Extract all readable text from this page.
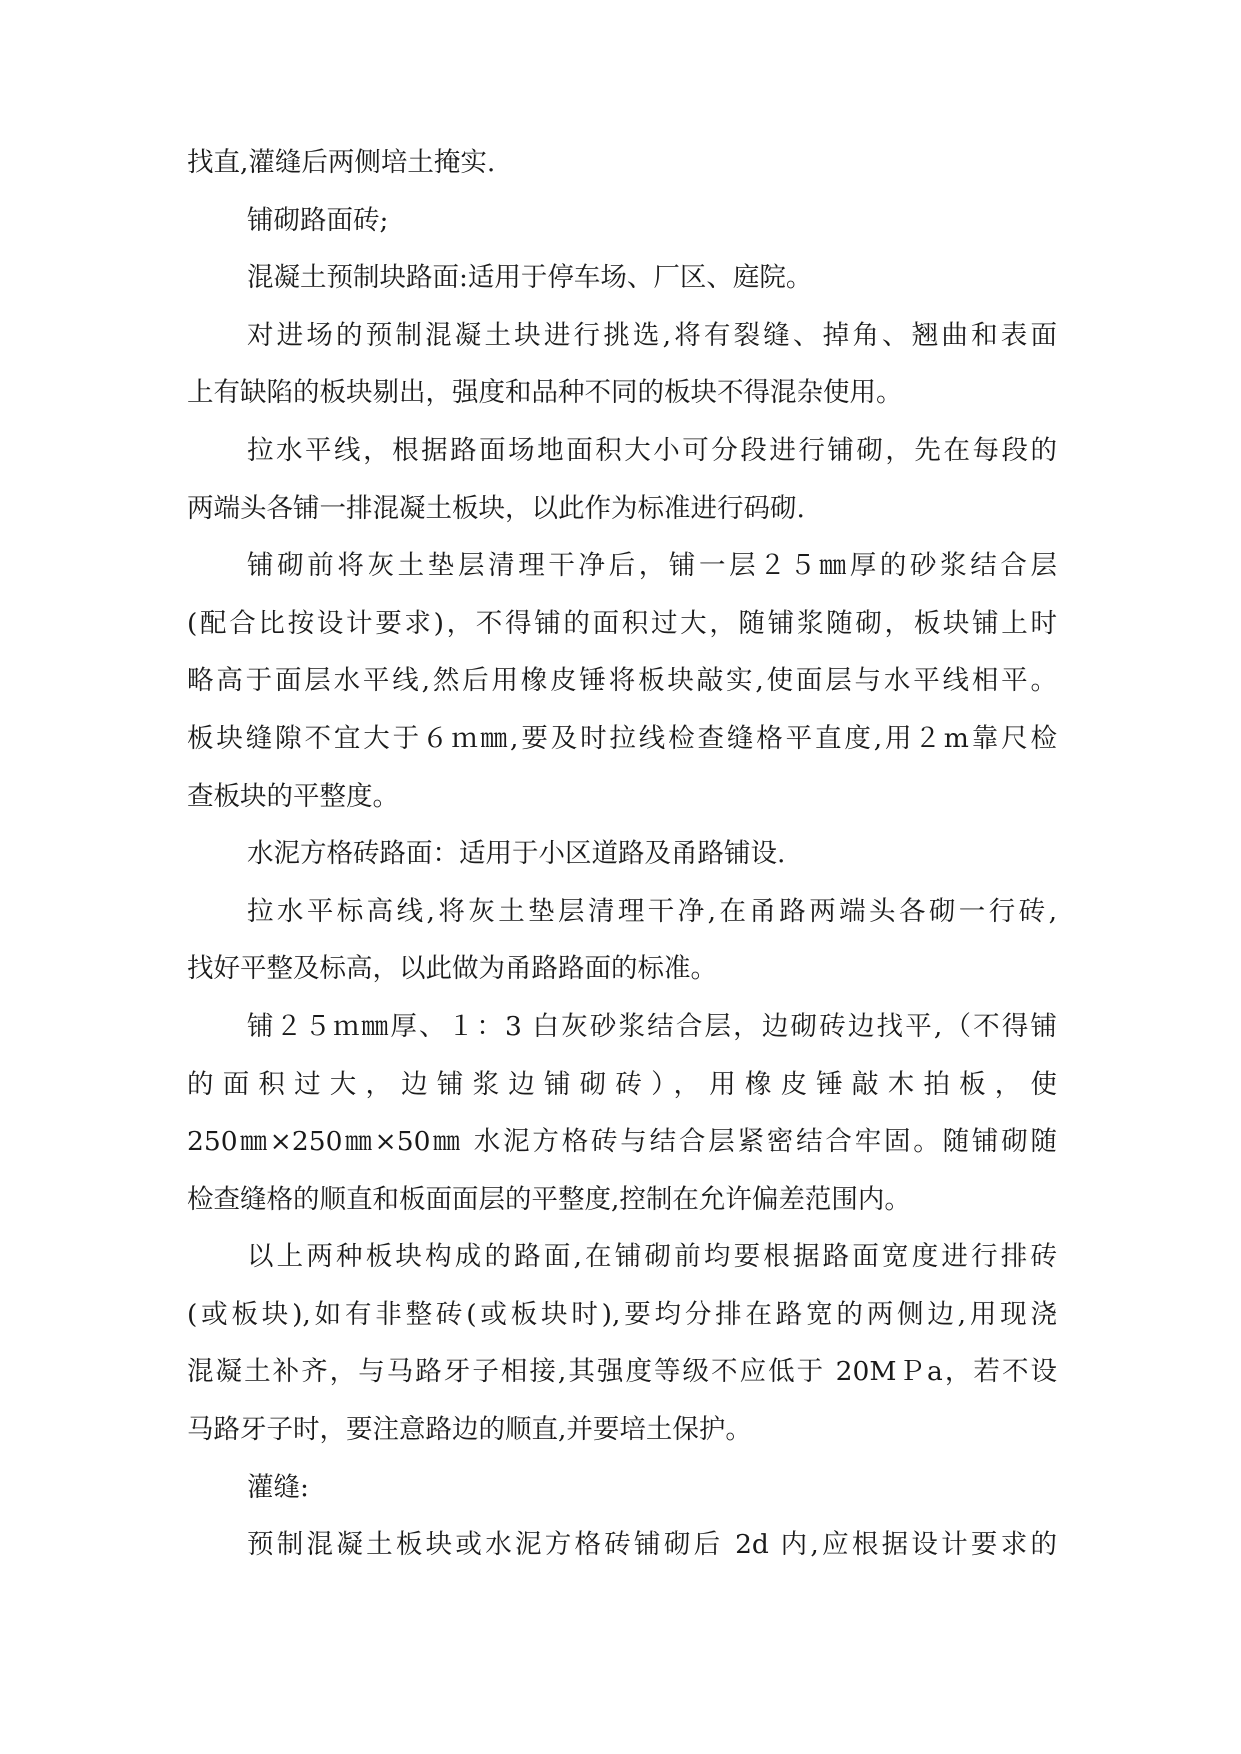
找直,灌缝后两侧培土掩实.

铺砌路面砖;

混凝土预制块路面:适用于停车场、厂区、庭院。

对进场的预制混凝土块进行挑选,将有裂缝、掉角、翘曲和表面

上有缺陷的板块剔出，强度和品种不同的板块不得混杂使用。

拉水平线，根据路面场地面积大小可分段进行铺砌，先在每段的

两端头各铺一排混凝土板块，以此作为标准进行码砌.

铺砌前将灰土垫层清理干净后，铺一层２５㎜厚的砂浆结合层

(配合比按设计要求)，不得铺的面积过大，随铺浆随砌，板块铺上时

略高于面层水平线,然后用橡皮锤将板块敲实,使面层与水平线相平。

板块缝隙不宜大于６ｍ㎜,要及时拉线检查缝格平直度,用２m靠尺检

查板块的平整度。

水泥方格砖路面：适用于小区道路及甬路铺设.

拉水平标高线,将灰土垫层清理干净,在甬路两端头各砌一行砖,

找好平整及标高，以此做为甬路路面的标准。

铺２５ｍ㎜厚、１：3 白灰砂浆结合层，边砌砖边找平,（不得铺

的面积过大，边铺浆边铺砌砖），用橡皮锤敲木拍板，使

250㎜×250㎜×50㎜ 水泥方格砖与结合层紧密结合牢固。随铺砌随

检查缝格的顺直和板面面层的平整度,控制在允许偏差范围内。

以上两种板块构成的路面,在铺砌前均要根据路面宽度进行排砖

(或板块),如有非整砖(或板块时),要均分排在路宽的两侧边,用现浇

混凝土补齐，与马路牙子相接,其强度等级不应低于 20MＰa，若不设

马路牙子时，要注意路边的顺直,并要培土保护。

灌缝:

预制混凝土板块或水泥方格砖铺砌后 2d 内,应根据设计要求的
